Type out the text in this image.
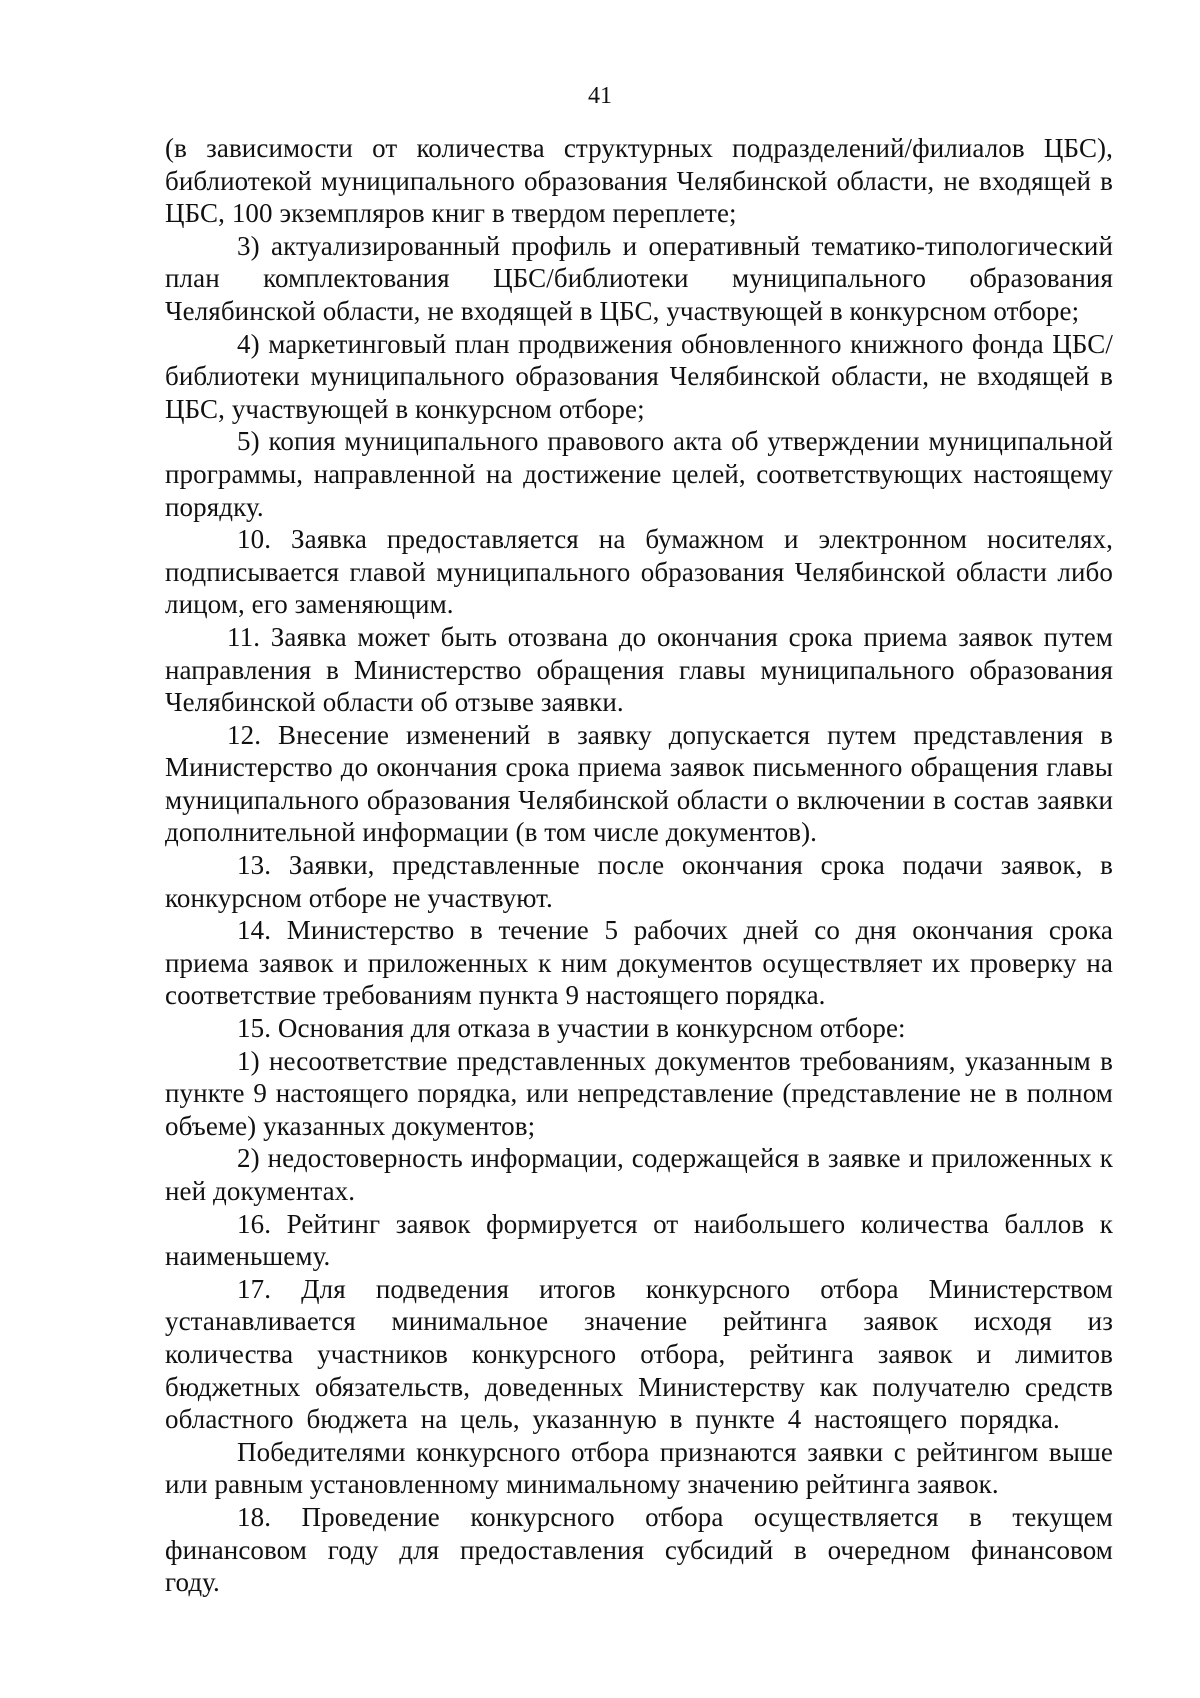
41

(в зависимости от количества структурных подразделений/филиалов ЦБС), библиотекой муниципального образования Челябинской области, не входящей в ЦБС, 100 экземпляров книг в твердом переплете;

3) актуализированный профиль и оперативный тематико-типологический план комплектования ЦБС/библиотеки муниципального образования Челябинской области, не входящей в ЦБС, участвующей в конкурсном отборе;

4) маркетинговый план продвижения обновленного книжного фонда ЦБС/библиотеки муниципального образования Челябинской области, не входящей в ЦБС, участвующей в конкурсном отборе;

5) копия муниципального правового акта об утверждении муниципальной программы, направленной на достижение целей, соответствующих настоящему порядку.

10. Заявка предоставляется на бумажном и электронном носителях, подписывается главой муниципального образования Челябинской области либо лицом, его заменяющим.

11. Заявка может быть отозвана до окончания срока приема заявок путем направления в Министерство обращения главы муниципального образования Челябинской области об отзыве заявки.

12. Внесение изменений в заявку допускается путем представления в Министерство до окончания срока приема заявок письменного обращения главы муниципального образования Челябинской области о включении в состав заявки дополнительной информации (в том числе документов).

13. Заявки, представленные после окончания срока подачи заявок, в конкурсном отборе не участвуют.

14. Министерство в течение 5 рабочих дней со дня окончания срока приема заявок и приложенных к ним документов осуществляет их проверку на соответствие требованиям пункта 9 настоящего порядка.

15. Основания для отказа в участии в конкурсном отборе:

1) несоответствие представленных документов требованиям, указанным в пункте 9 настоящего порядка, или непредставление (представление не в полном объеме) указанных документов;

2) недостоверность информации, содержащейся в заявке и приложенных к ней документах.

16. Рейтинг заявок формируется от наибольшего количества баллов к наименьшему.

17. Для подведения итогов конкурсного отбора Министерством устанавливается минимальное значение рейтинга заявок исходя из количества участников конкурсного отбора, рейтинга заявок и лимитов бюджетных обязательств, доведенных Министерству как получателю средств областного бюджета на цель, указанную в пункте 4 настоящего порядка.

Победителями конкурсного отбора признаются заявки с рейтингом выше или равным установленному минимальному значению рейтинга заявок.

18. Проведение конкурсного отбора осуществляется в текущем финансовом году для предоставления субсидий в очередном финансовом году.
